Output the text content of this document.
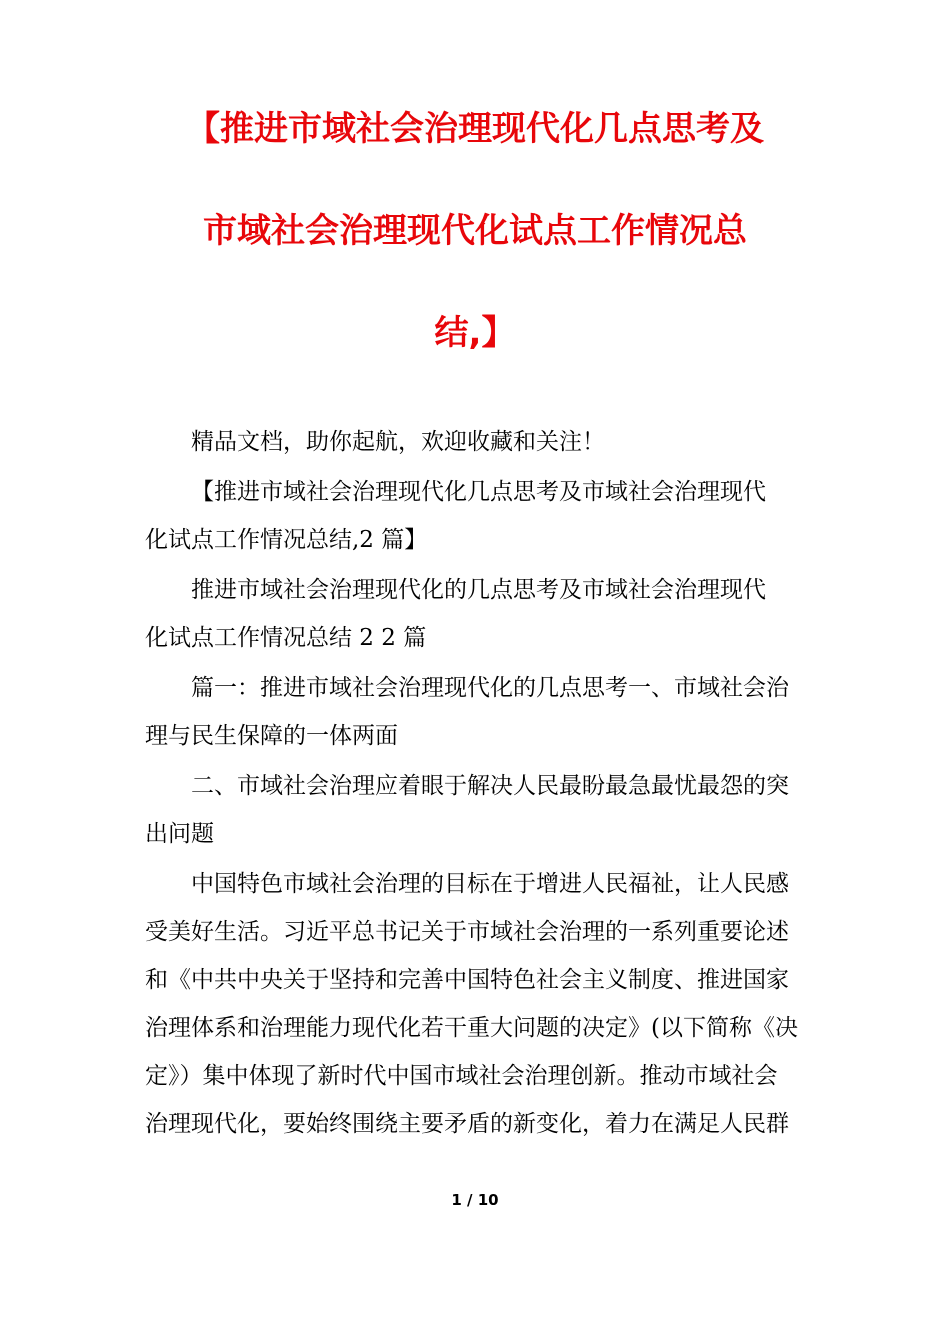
【推进市域社会治理现代化几点思考及
市域社会治理现代化试点工作情况总
结,】

精品文档，助你起航，欢迎收藏和关注！

【推进市域社会治理现代化几点思考及市域社会治理现代
化试点工作情况总结,2 篇】

推进市域社会治理现代化的几点思考及市域社会治理现代
化试点工作情况总结 2 2 篇

篇一：推进市域社会治理现代化的几点思考一、市域社会治
理与民生保障的一体两面

二、市域社会治理应着眼于解决人民最盼最急最忧最怨的突
出问题

中国特色市域社会治理的目标在于增进人民福祉，让人民感
受美好生活。习近平总书记关于市域社会治理的一系列重要论述
和《中共中央关于坚持和完善中国特色社会主义制度、推进国家
治理体系和治理能力现代化若干重大问题的决定》(以下简称《决
定》）集中体现了新时代中国市域社会治理创新。推动市域社会
治理现代化，要始终围绕主要矛盾的新变化，着力在满足人民群

1 / 10
